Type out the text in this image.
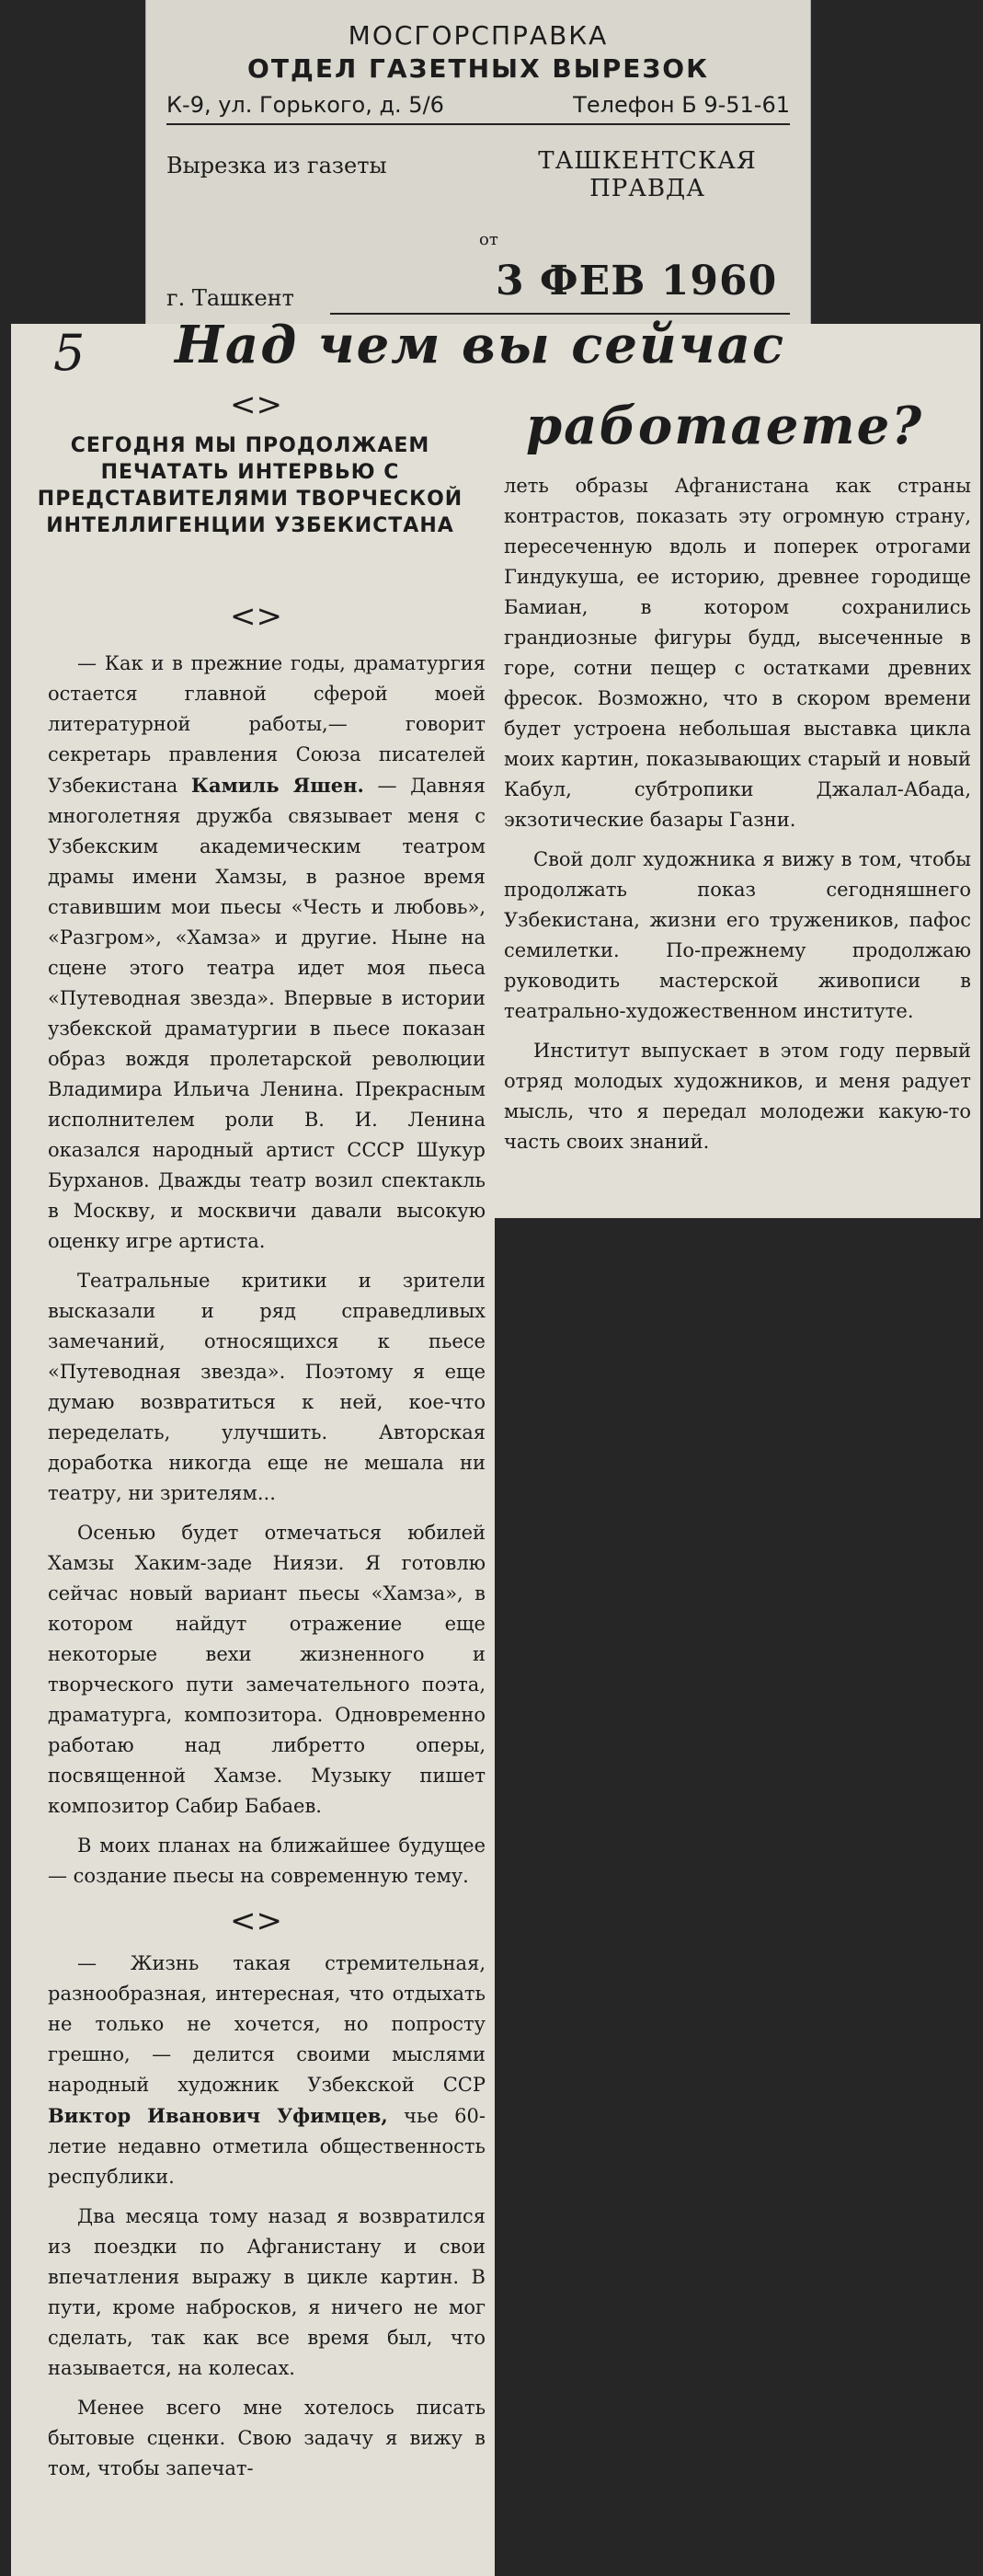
МОСГОРСПРАВКА
ОТДЕЛ ГАЗЕТНЫХ ВЫРЕЗОК
К-9, ул. Горького, д. 5/6	Телефон Б 9-51-61
Вырезка из газеты	ТАШКЕНТСКАЯ ПРАВДА
от
3 ФЕВ 1960
г. Ташкент
5 Над чем вы сейчас
работаете?
<>
СЕГОДНЯ МЫ ПРОДОЛЖАЕМ ПЕЧАТАТЬ ИНТЕРВЬЮ С ПРЕДСТАВИТЕЛЯМИ ТВОРЧЕСКОЙ ИНТЕЛЛИГЕНЦИИ УЗБЕКИСТАНА
<>

— Как и в прежние годы, драматургия остается главной сферой моей литературной работы,— говорит секретарь правления Союза писателей Узбекистана Камиль Яшен. — Давняя многолетняя дружба связывает меня с Узбекским академическим театром драмы имени Хамзы, в разное время ставившим мои пьесы «Честь и любовь», «Разгром», «Хамза» и другие. Ныне на сцене этого театра идет моя пьеса «Путеводная звезда». Впервые в истории узбекской драматургии в пьесе показан образ вождя пролетарской революции Владимира Ильича Ленина. Прекрасным исполнителем роли В. И. Ленина оказался народный артист СССР Шукур Бурханов. Дважды театр возил спектакль в Москву, и москвичи давали высокую оценку игре артиста.

Театральные критики и зрители высказали и ряд справедливых замечаний, относящихся к пьесе «Путеводная звезда». Поэтому я еще думаю возвратиться к ней, кое-что переделать, улучшить. Авторская доработка никогда еще не мешала ни театру, ни зрителям...

Осенью будет отмечаться юбилей Хамзы Хаким-заде Ниязи. Я готовлю сейчас новый вариант пьесы «Хамза», в котором найдут отражение еще некоторые вехи жизненного и творческого пути замечательного поэта, драматурга, композитора. Одновременно работаю над либретто оперы, посвященной Хамзе. Музыку пишет композитор Сабир Бабаев.

В моих планах на ближайшее будущее — создание пьесы на современную тему.

<>

— Жизнь такая стремительная, разнообразная, интересная, что отдыхать не только не хочется, но попросту грешно, — делится своими мыслями народный художник Узбекской ССР Виктор Иванович Уфимцев, чье 60-летие недавно отметила общественность республики.

Два месяца тому назад я возвратился из поездки по Афганистану и свои впечатления выражу в цикле картин. В пути, кроме набросков, я ничего не мог сделать, так как все время был, что называется, на колесах.

Менее всего мне хотелось писать бытовые сценки. Свою задачу я вижу в том, чтобы запечат-

леть образы Афганистана как страны контрастов, показать эту огромную страну, пересеченную вдоль и поперек отрогами Гиндукуша, ее историю, древнее городище Бамиан, в котором сохранились грандиозные фигуры будд, высеченные в горе, сотни пещер с остатками древних фресок. Возможно, что в скором времени будет устроена небольшая выставка цикла моих картин, показывающих старый и новый Кабул, субтропики Джалал-Абада, экзотические базары Газни.

Свой долг художника я вижу в том, чтобы продолжать показ сегодняшнего Узбекистана, жизни его тружеников, пафос семилетки. По-прежнему продолжаю руководить мастерской живописи в театрально-художественном институте.

Институт выпускает в этом году первый отряд молодых художников, и меня радует мысль, что я передал молодежи какую-то часть своих знаний.
